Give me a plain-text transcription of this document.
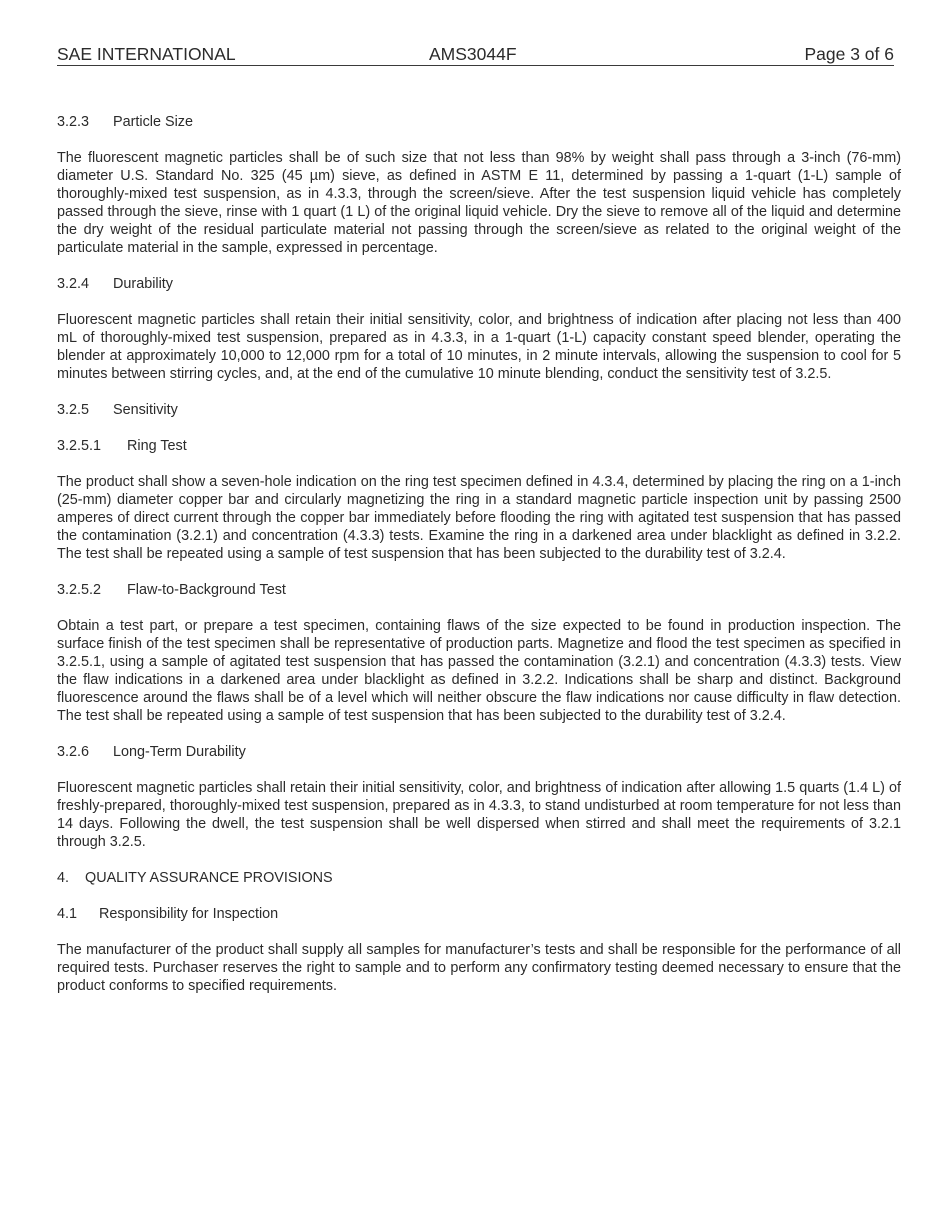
SAE INTERNATIONAL	AMS3044F	Page 3 of 6
3.2.3 Particle Size

The fluorescent magnetic particles shall be of such size that not less than 98% by weight shall pass through a 3-inch (76-mm) diameter U.S. Standard No. 325 (45 µm) sieve, as defined in ASTM E 11, determined by passing a 1-quart (1-L) sample of thoroughly-mixed test suspension, as in 4.3.3, through the screen/sieve. After the test suspension liquid vehicle has completely passed through the sieve, rinse with 1 quart (1 L) of the original liquid vehicle. Dry the sieve to remove all of the liquid and determine the dry weight of the residual particulate material not passing through the screen/sieve as related to the original weight of the particulate material in the sample, expressed in percentage.

3.2.4 Durability

Fluorescent magnetic particles shall retain their initial sensitivity, color, and brightness of indication after placing not less than 400 mL of thoroughly-mixed test suspension, prepared as in 4.3.3, in a 1-quart (1-L) capacity constant speed blender, operating the blender at approximately 10,000 to 12,000 rpm for a total of 10 minutes, in 2 minute intervals, allowing the suspension to cool for 5 minutes between stirring cycles, and, at the end of the cumulative 10 minute blending, conduct the sensitivity test of 3.2.5.

3.2.5 Sensitivity
3.2.5.1 Ring Test

The product shall show a seven-hole indication on the ring test specimen defined in 4.3.4, determined by placing the ring on a 1-inch (25-mm) diameter copper bar and circularly magnetizing the ring in a standard magnetic particle inspection unit by passing 2500 amperes of direct current through the copper bar immediately before flooding the ring with agitated test suspension that has passed the contamination (3.2.1) and concentration (4.3.3) tests. Examine the ring in a darkened area under blacklight as defined in 3.2.2. The test shall be repeated using a sample of test suspension that has been subjected to the durability test of 3.2.4.

3.2.5.2 Flaw-to-Background Test

Obtain a test part, or prepare a test specimen, containing flaws of the size expected to be found in production inspection. The surface finish of the test specimen shall be representative of production parts. Magnetize and flood the test specimen as specified in 3.2.5.1, using a sample of agitated test suspension that has passed the contamination (3.2.1) and concentration (4.3.3) tests. View the flaw indications in a darkened area under blacklight as defined in 3.2.2. Indications shall be sharp and distinct. Background fluorescence around the flaws shall be of a level which will neither obscure the flaw indications nor cause difficulty in flaw detection. The test shall be repeated using a sample of test suspension that has been subjected to the durability test of 3.2.4.

3.2.6 Long-Term Durability

Fluorescent magnetic particles shall retain their initial sensitivity, color, and brightness of indication after allowing 1.5 quarts (1.4 L) of freshly-prepared, thoroughly-mixed test suspension, prepared as in 4.3.3, to stand undisturbed at room temperature for not less than 14 days. Following the dwell, the test suspension shall be well dispersed when stirred and shall meet the requirements of 3.2.1 through 3.2.5.

4. QUALITY ASSURANCE PROVISIONS
4.1 Responsibility for Inspection

The manufacturer of the product shall supply all samples for manufacturer’s tests and shall be responsible for the performance of all required tests. Purchaser reserves the right to sample and to perform any confirmatory testing deemed necessary to ensure that the product conforms to specified requirements.
